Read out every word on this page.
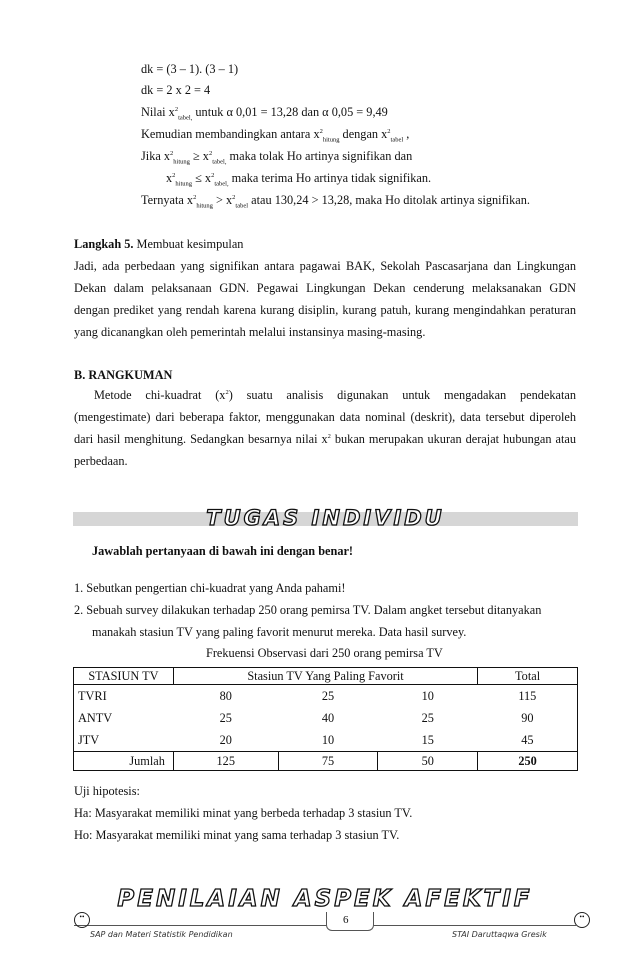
dk = (3 – 1). (3 – 1)
dk = 2 x 2 = 4
Nilai $x^2_{tabel,}$ untuk α 0,01 = 13,28 dan α 0,05 = 9,49
Kemudian membandingkan antara $x^2_{hitung}$ dengan $x^2_{tabel}$ ,
Jika $x^2_{hitung} \ge x^2_{tabel,}$ maka tolak Ho artinya signifikan dan
$x^2_{hitung} \le x^2_{tabel,}$ maka terima Ho artinya tidak signifikan.
Ternyata $x^2_{hitung} > x^2_{tabel}$ atau 130,24 > 13,28, maka Ho ditolak artinya signifikan.
Langkah 5. Membuat kesimpulan
Jadi, ada perbedaan yang signifikan antara pagawai BAK, Sekolah Pascasarjana dan Lingkungan
Dekan dalam pelaksanaan GDN. Pegawai Lingkungan Dekan cenderung melaksanakan GDN
dengan prediket yang rendah karena kurang disiplin, kurang patuh, kurang mengindahkan peraturan
yang dicanangkan oleh pemerintah melalui instansinya masing-masing.
B. RANGKUMAN
Metode chi-kuadrat $(x^2)$ suatu analisis digunakan untuk mengadakan pendekatan
(mengestimate) dari beberapa faktor, menggunakan data nominal (deskrit), data tersebut diperoleh
dari hasil menghitung. Sedangkan besarnya nilai $x^2$ bukan merupakan ukuran derajat hubungan atau
perbedaan.
TUGAS INDIVIDU
Jawablah pertanyaan di bawah ini dengan benar!
1. Sebutkan pengertian chi-kuadrat yang Anda pahami!
2. Sebuah survey dilakukan terhadap 250 orang pemirsa TV. Dalam angket tersebut ditanyakan
manakah stasiun TV yang paling favorit menurut mereka. Data hasil survey.
Frekuensi Observasi dari 250 orang pemirsa TV
STASIUN TV	Stasiun TV Yang Paling Favorit			Total
TVRI	80	25	10	115
ANTV	25	40	25	90
JTV	20	10	15	45
Jumlah	125	75	50	250
Uji hipotesis:
Ha: Masyarakat memiliki minat yang berbeda terhadap 3 stasiun TV.
Ho: Masyarakat memiliki minat yang sama terhadap 3 stasiun TV.
PENILAIAN ASPEK AFEKTIF
6
••	••
SAP dan Materi Statistik Pendidikan	STAI Daruttaqwa Gresik
